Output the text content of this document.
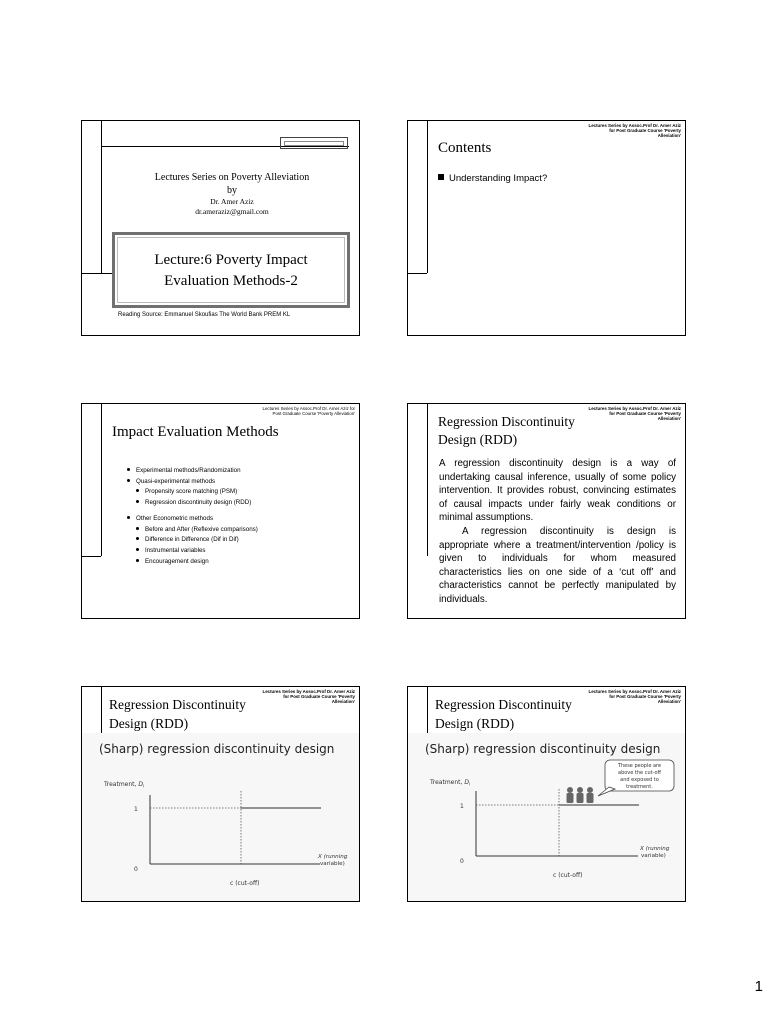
Lectures Series on Poverty Alleviation
by
Dr. Amer Aziz
dr.ameraziz@gmail.com
Lecture:6 Poverty Impact
Evaluation Methods-2
Reading Source: Emmanuel Skoufias The World Bank PREM KL
Lectures Series by Assoc.Prof Dr. Amer Aziz for Post Graduate Course 'Poverty Alleviation'
Contents
Understanding Impact?
Lectures Series by Assoc.Prof Dr. Amer Aziz for Post Graduate Course 'Poverty Alleviation'
Impact Evaluation Methods
Experimental methods/Randomization
Quasi-experimental methods
Propensity score matching (PSM)
Regression discontinuity design (RDD)
Other Econometric methods
Before and After (Reflexive comparisons)
Difference in Difference (Dif in Dif)
Instrumental variables
Encouragement design
Lectures Series by Assoc.Prof Dr. Amer Aziz for Post Graduate Course 'Poverty Alleviation'
Regression Discontinuity
Design (RDD)

A regression discontinuity design is a way of undertaking causal inference, usually of some policy intervention. It provides robust, convincing estimates of causal impacts under fairly weak conditions or minimal assumptions.

A regression discontinuity is design is appropriate where a treatment/intervention /policy is given to individuals for whom measured characteristics lies on one side of a ‘cut off’ and characteristics cannot be perfectly manipulated by individuals.

Lectures Series by Assoc.Prof Dr. Amer Aziz for Post Graduate Course 'Poverty Alleviation'
Regression Discontinuity
Design (RDD)
(Sharp) regression discontinuity design
Treatment, $D_i$
1
0
X (running
variable)
c (cut-off)
Lectures Series by Assoc.Prof Dr. Amer Aziz for Post Graduate Course 'Poverty Alleviation'
Regression Discontinuity
Design (RDD)
(Sharp) regression discontinuity design
Treatment, $D_i$
1
0
These people are
above the cut-off
and exposed to
treatment.
X (running
variable)
c (cut-off)
1
